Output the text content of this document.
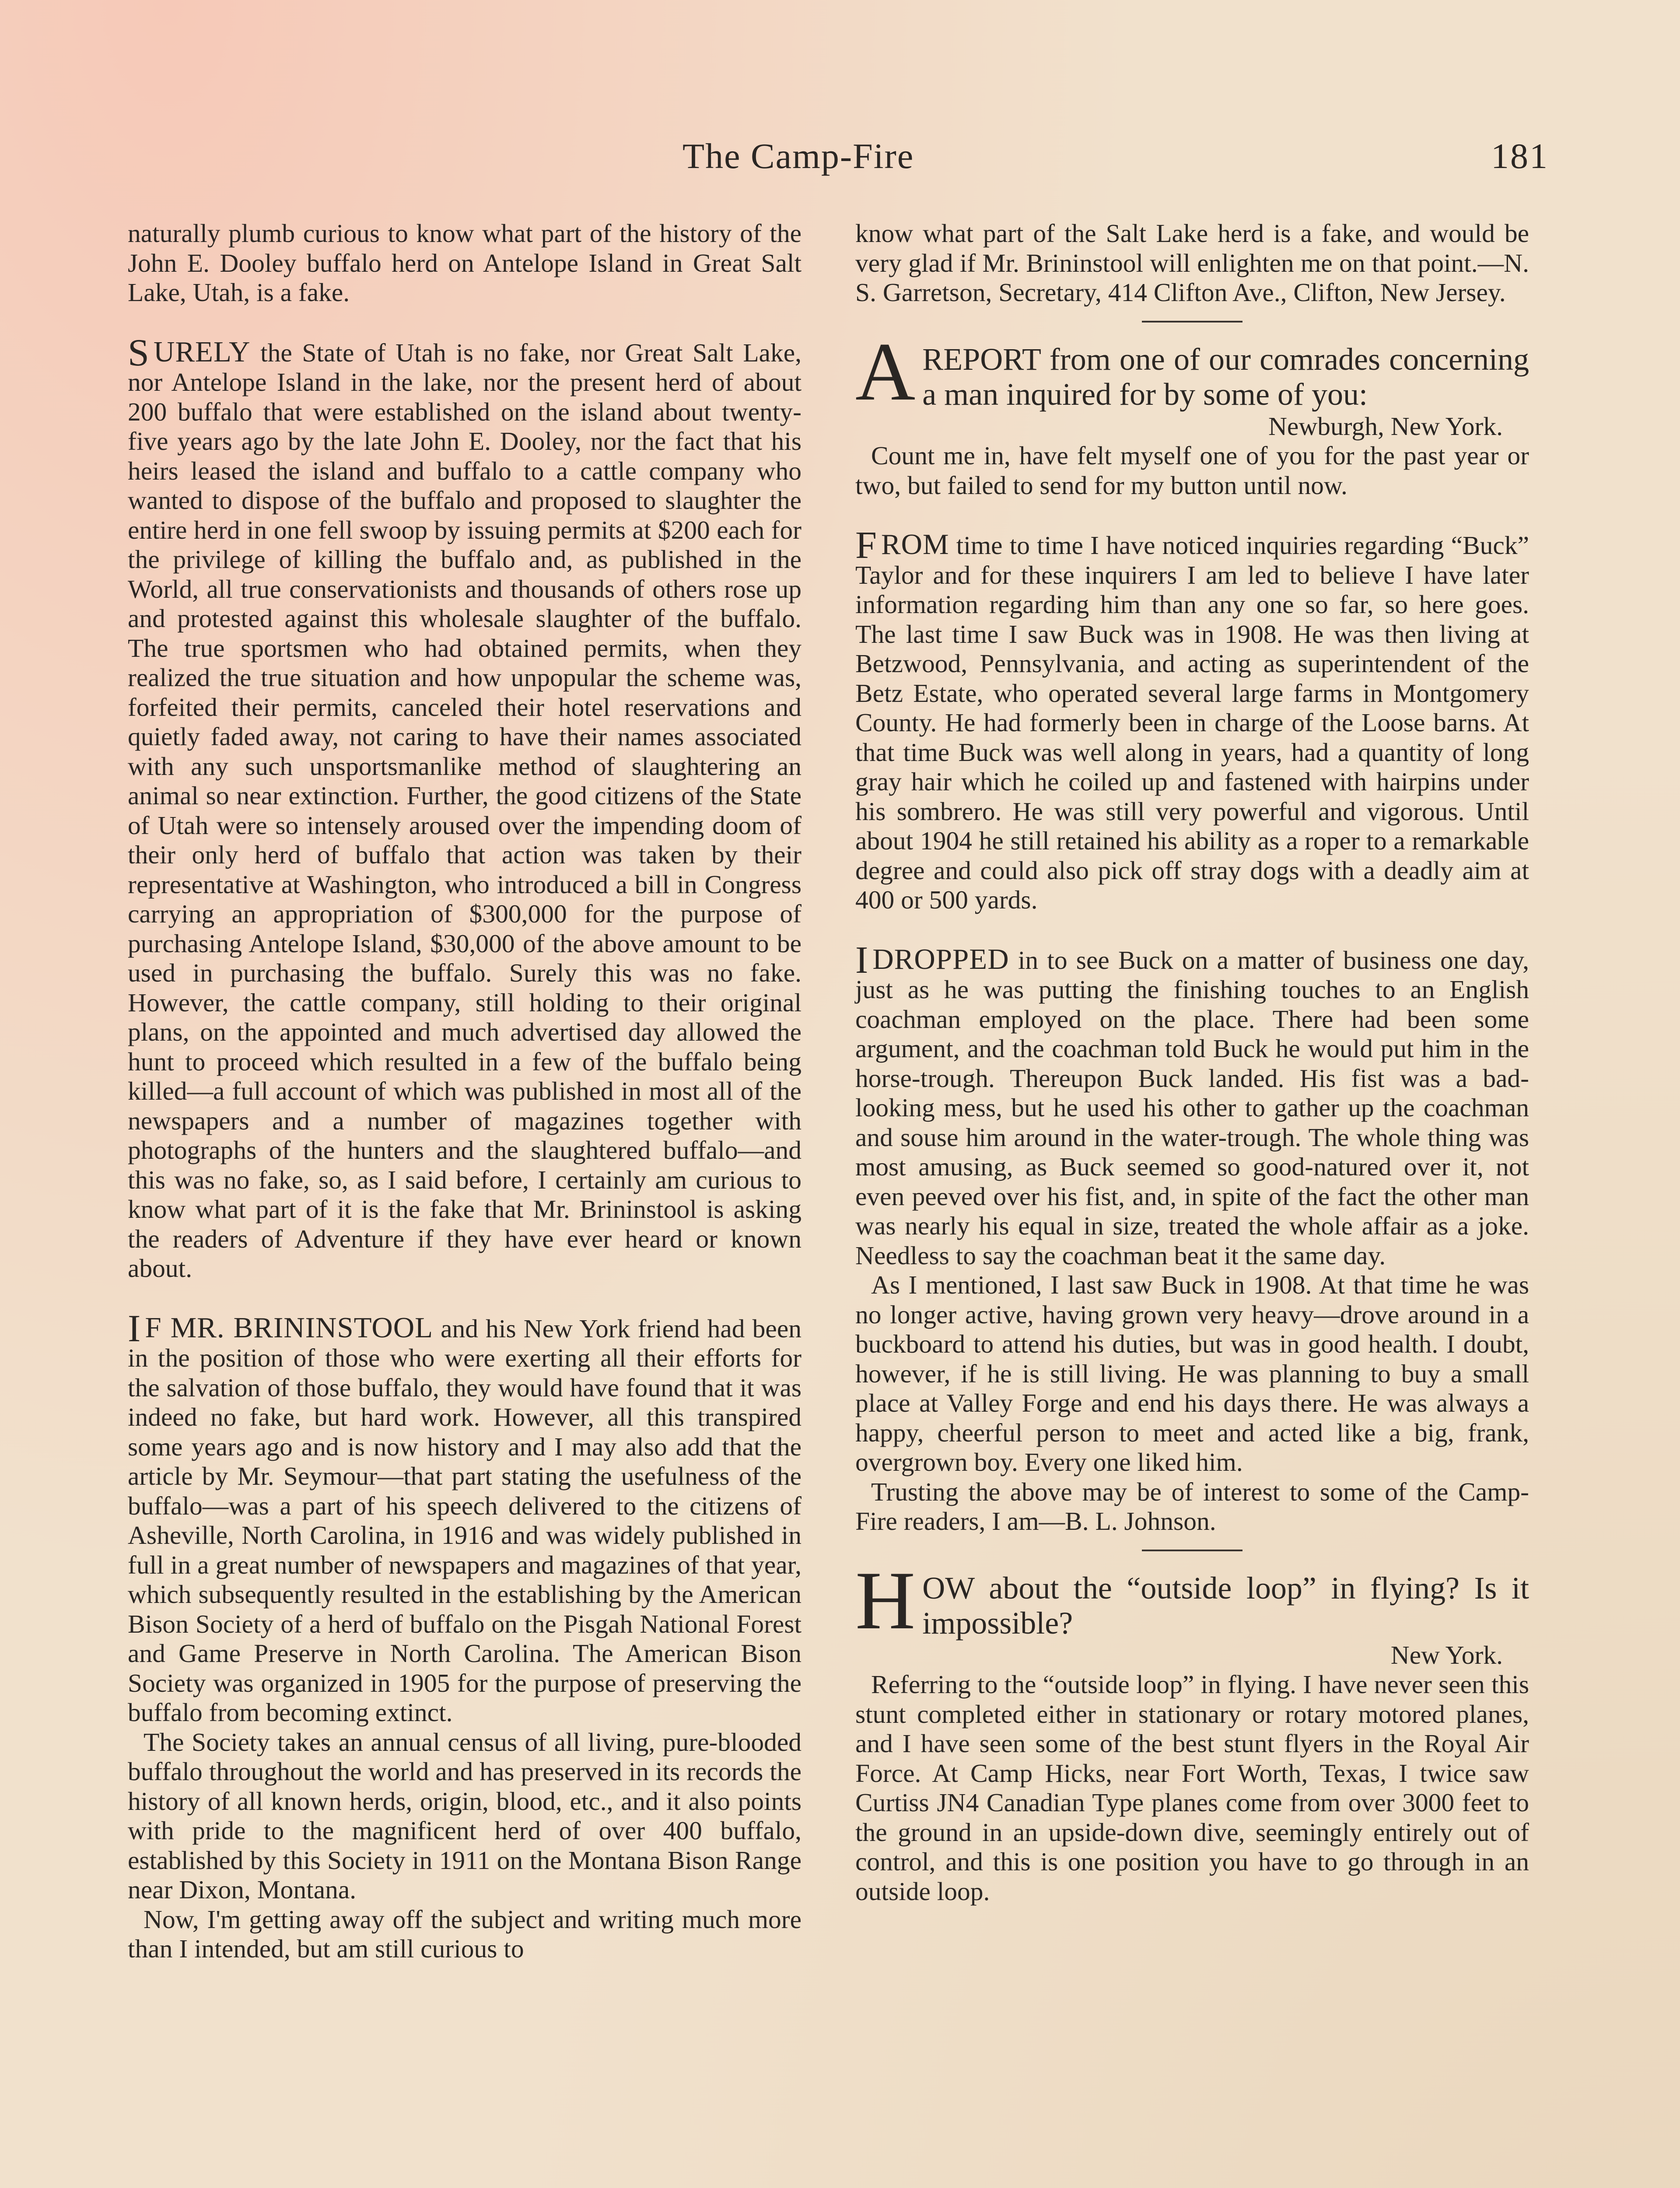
The Camp-Fire	181

naturally plumb curious to know what part of the history of the John E. Dooley buffalo herd on Antelope Island in Great Salt Lake, Utah, is a fake.

S URELY the State of Utah is no fake, nor Great Salt Lake, nor Antelope Island in the lake, nor the present herd of about 200 buffalo that were established on the island about twenty-five years ago by the late John E. Dooley, nor the fact that his heirs leased the island and buffalo to a cattle company who wanted to dispose of the buffalo and proposed to slaughter the entire herd in one fell swoop by issuing permits at $200 each for the privilege of killing the buffalo and, as published in the World, all true conservationists and thousands of others rose up and protested against this wholesale slaughter of the buffalo. The true sportsmen who had obtained permits, when they realized the true situation and how unpopular the scheme was, forfeited their permits, canceled their hotel reservations and quietly faded away, not caring to have their names associated with any such unsportsmanlike method of slaughtering an animal so near extinction. Further, the good citizens of the State of Utah were so intensely aroused over the impending doom of their only herd of buffalo that action was taken by their representative at Washington, who introduced a bill in Congress carrying an appropriation of $300,000 for the purpose of purchasing Antelope Island, $30,000 of the above amount to be used in purchasing the buffalo. Surely this was no fake. However, the cattle company, still holding to their original plans, on the appointed and much advertised day allowed the hunt to proceed which resulted in a few of the buffalo being killed—a full account of which was published in most all of the newspapers and a number of magazines together with photographs of the hunters and the slaughtered buffalo—and this was no fake, so, as I said before, I certainly am curious to know what part of it is the fake that Mr. Brininstool is asking the readers of Adventure if they have ever heard or known about.

I F MR. BRININSTOOL and his New York friend had been in the position of those who were exerting all their efforts for the salvation of those buffalo, they would have found that it was indeed no fake, but hard work. However, all this transpired some years ago and is now history and I may also add that the article by Mr. Seymour—that part stating the usefulness of the buffalo—was a part of his speech delivered to the citizens of Asheville, North Carolina, in 1916 and was widely published in full in a great number of newspapers and magazines of that year, which subsequently resulted in the establishing by the American Bison Society of a herd of buffalo on the Pisgah National Forest and Game Preserve in North Carolina. The American Bison Society was organized in 1905 for the purpose of preserving the buffalo from becoming extinct.

The Society takes an annual census of all living, pure-blooded buffalo throughout the world and has preserved in its records the history of all known herds, origin, blood, etc., and it also points with pride to the magnificent herd of over 400 buffalo, established by this Society in 1911 on the Montana Bison Range near Dixon, Montana.

Now, I'm getting away off the subject and writing much more than I intended, but am still curious to

know what part of the Salt Lake herd is a fake, and would be very glad if Mr. Brininstool will enlighten me on that point.—N. S. Garretson, Secretary, 414 Clifton Ave., Clifton, New Jersey.

A REPORT from one of our comrades concerning a man inquired for by some of you:

Newburgh, New York.

Count me in, have felt myself one of you for the past year or two, but failed to send for my button until now.

F ROM time to time I have noticed inquiries regarding “Buck” Taylor and for these inquirers I am led to believe I have later information regarding him than any one so far, so here goes. The last time I saw Buck was in 1908. He was then living at Betzwood, Pennsylvania, and acting as superintendent of the Betz Estate, who operated several large farms in Montgomery County. He had formerly been in charge of the Loose barns. At that time Buck was well along in years, had a quantity of long gray hair which he coiled up and fastened with hairpins under his sombrero. He was still very powerful and vigorous. Until about 1904 he still retained his ability as a roper to a remarkable degree and could also pick off stray dogs with a deadly aim at 400 or 500 yards.

I DROPPED in to see Buck on a matter of business one day, just as he was putting the finishing touches to an English coachman employed on the place. There had been some argument, and the coachman told Buck he would put him in the horse-trough. Thereupon Buck landed. His fist was a bad-looking mess, but he used his other to gather up the coachman and souse him around in the water-trough. The whole thing was most amusing, as Buck seemed so good-natured over it, not even peeved over his fist, and, in spite of the fact the other man was nearly his equal in size, treated the whole affair as a joke. Needless to say the coachman beat it the same day.

As I mentioned, I last saw Buck in 1908. At that time he was no longer active, having grown very heavy—drove around in a buckboard to attend his duties, but was in good health. I doubt, however, if he is still living. He was planning to buy a small place at Valley Forge and end his days there. He was always a happy, cheerful person to meet and acted like a big, frank, overgrown boy. Every one liked him.

Trusting the above may be of interest to some of the Camp-Fire readers, I am—B. L. Johnson.

HOW about the “outside loop” in flying? Is it impossible?

New York.

Referring to the “outside loop” in flying. I have never seen this stunt completed either in stationary or rotary motored planes, and I have seen some of the best stunt flyers in the Royal Air Force. At Camp Hicks, near Fort Worth, Texas, I twice saw Curtiss JN4 Canadian Type planes come from over 3000 feet to the ground in an upside-down dive, seemingly entirely out of control, and this is one position you have to go through in an outside loop.
